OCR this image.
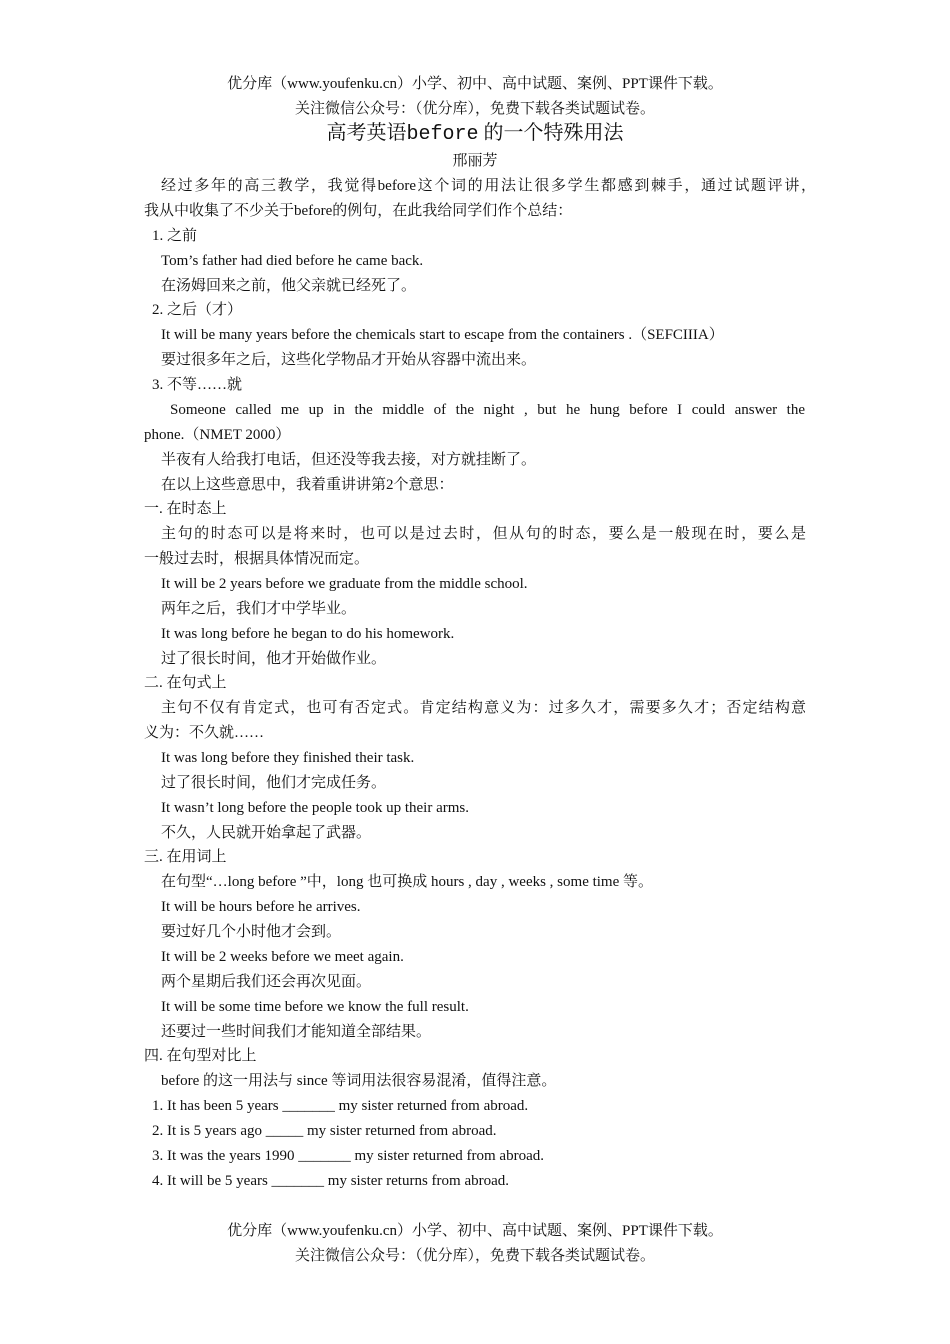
优分库（www.youfenku.cn）小学、初中、高中试题、案例、PPT课件下载。
关注微信公众号：（优分库），免费下载各类试题试卷。
高考英语before 的一个特殊用法
邢丽芳
经过多年的高三教学，我觉得before这个词的用法让很多学生都感到棘手，通过试题评讲，
我从中收集了不少关于before的例句，在此我给同学们作个总结：
1. 之前
Tom’s father had died before he came back.
在汤姆回来之前，他父亲就已经死了。
2. 之后（才）
It will be many years before the chemicals start to escape from the containers .（SEFCIIIA）
要过很多年之后，这些化学物品才开始从容器中流出来。
3. 不等……就
Someone called me up in the middle of the night , but he hung before I could answer the
phone.（NMET 2000）
半夜有人给我打电话，但还没等我去接，对方就挂断了。
在以上这些意思中，我着重讲讲第2个意思：
一. 在时态上
主句的时态可以是将来时，也可以是过去时，但从句的时态，要么是一般现在时，要么是
一般过去时，根据具体情况而定。
It will be 2 years before we graduate from the middle school.
两年之后，我们才中学毕业。
It was long before he began to do his homework.
过了很长时间，他才开始做作业。
二. 在句式上
主句不仅有肯定式，也可有否定式。肯定结构意义为：过多久才，需要多久才；否定结构意
义为：不久就……
It was long before they finished their task.
过了很长时间，他们才完成任务。
It wasn’t long before the people took up their arms.
不久，人民就开始拿起了武器。
三. 在用词上
在句型“…long before ”中，long 也可换成 hours , day , weeks , some time 等。
It will be hours before he arrives.
要过好几个小时他才会到。
It will be 2 weeks before we meet again.
两个星期后我们还会再次见面。
It will be some time before we know the full result.
还要过一些时间我们才能知道全部结果。
四. 在句型对比上
before 的这一用法与 since 等词用法很容易混淆，值得注意。
1. It has been 5 years _______ my sister returned from abroad.
2. It is 5 years ago _____ my sister returned from abroad.
3. It was the years 1990 _______ my sister returned from abroad.
4. It will be 5 years _______ my sister returns from abroad.
优分库（www.youfenku.cn）小学、初中、高中试题、案例、PPT课件下载。
关注微信公众号：（优分库），免费下载各类试题试卷。
